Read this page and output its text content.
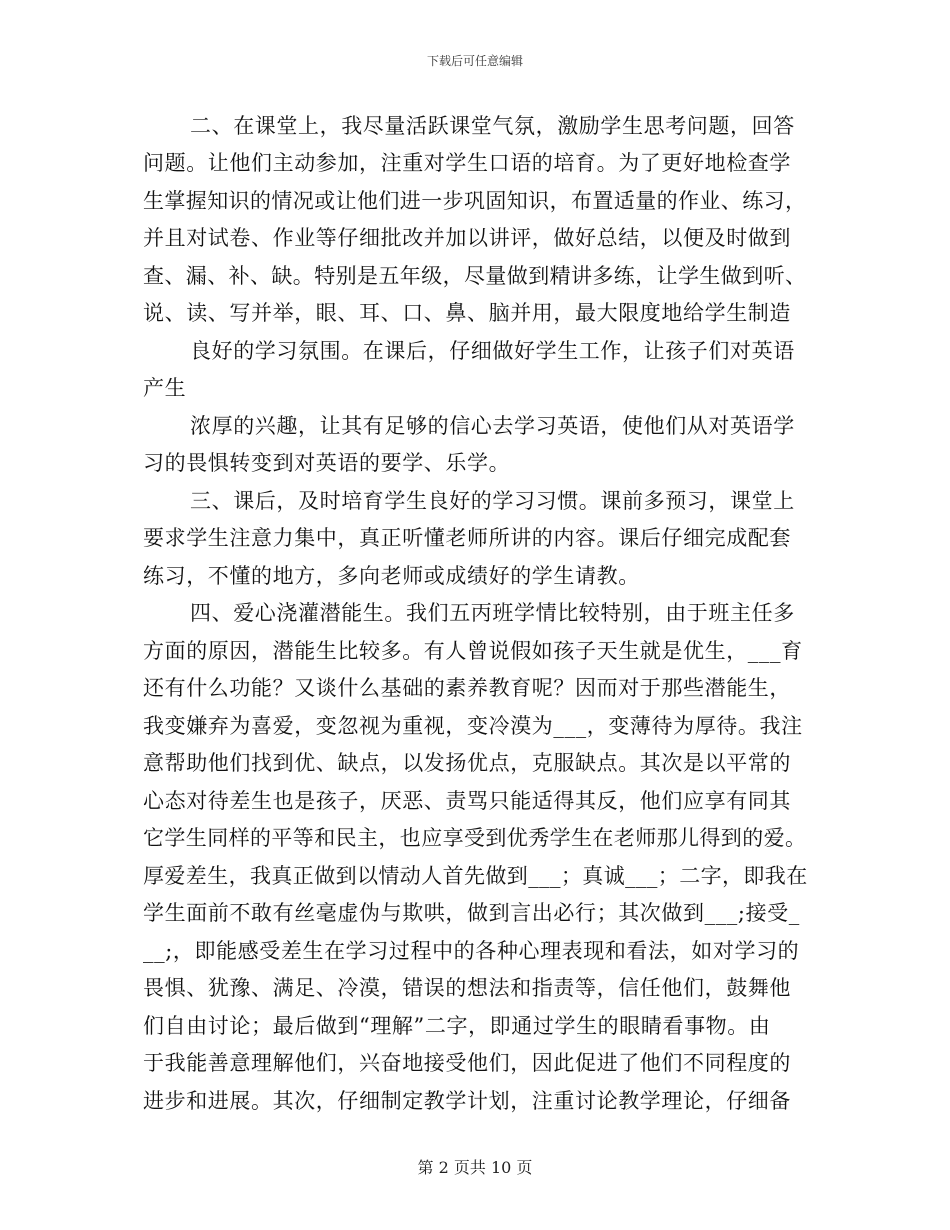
下载后可任意编辑
二、在课堂上，我尽量活跃课堂气氛，激励学生思考问题，回答
问题。让他们主动参加，注重对学生口语的培育。为了更好地检查学
生掌握知识的情况或让他们进一步巩固知识，布置适量的作业、练习，
并且对试卷、作业等仔细批改并加以讲评，做好总结，以便及时做到
查、漏、补、缺。特别是五年级，尽量做到精讲多练，让学生做到听、
说、读、写并举，眼、耳、口、鼻、脑并用，最大限度地给学生制造
良好的学习氛围。在课后，仔细做好学生工作，让孩子们对英语
产生
浓厚的兴趣，让其有足够的信心去学习英语，使他们从对英语学
习的畏惧转变到对英语的要学、乐学。
三、课后，及时培育学生良好的学习习惯。课前多预习，课堂上
要求学生注意力集中，真正听懂老师所讲的内容。课后仔细完成配套
练习，不懂的地方，多向老师或成绩好的学生请教。
四、爱心浇灌潜能生。我们五丙班学情比较特别，由于班主任多
方面的原因，潜能生比较多。有人曾说假如孩子天生就是优生，___育
还有什么功能？又谈什么基础的素养教育呢？因而对于那些潜能生，
我变嫌弃为喜爱，变忽视为重视，变冷漠为___，变薄待为厚待。我注
意帮助他们找到优、缺点，以发扬优点，克服缺点。其次是以平常的
心态对待差生也是孩子，厌恶、责骂只能适得其反，他们应享有同其
它学生同样的平等和民主，也应享受到优秀学生在老师那儿得到的爱。
厚爱差生，我真正做到以情动人首先做到___；真诚___；二字，即我在
学生面前不敢有丝毫虚伪与欺哄，做到言出必行；其次做到___;接受_
__;，即能感受差生在学习过程中的各种心理表现和看法，如对学习的
畏惧、犹豫、满足、冷漠，错误的想法和指责等，信任他们，鼓舞他
们自由讨论；最后做到“理解”二字，即通过学生的眼睛看事物。由
于我能善意理解他们，兴奋地接受他们，因此促进了他们不同程度的
进步和进展。其次，仔细制定教学计划，注重讨论教学理论，仔细备
第 2 页共 10 页
